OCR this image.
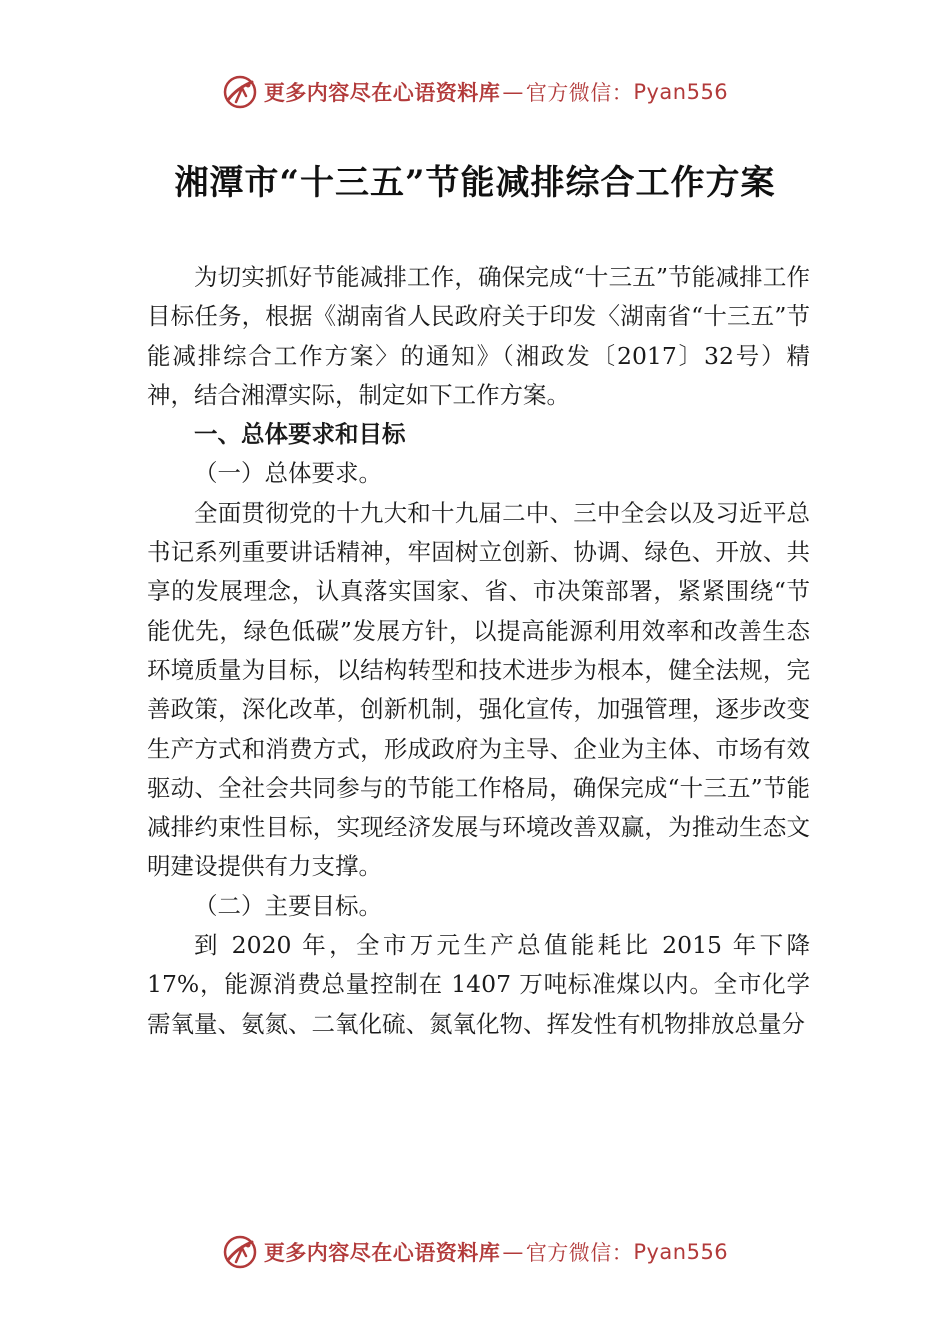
更多内容尽在心语资料库 — 官方微信： Pyan556
湘潭市“十三五”节能减排综合工作方案

为切实抓好节能减排工作，确保完成“十三五”节能减排工作目标任务，根据《湖南省人民政府关于印发〈湖南省“十三五”节能减排综合工作方案〉的通知》（湘政发〔2017〕32号）精神，结合湘潭实际，制定如下工作方案。

一、总体要求和目标

（一）总体要求。

全面贯彻党的十九大和十九届二中、三中全会以及习近平总书记系列重要讲话精神，牢固树立创新、协调、绿色、开放、共享的发展理念，认真落实国家、省、市决策部署，紧紧围绕“节能优先，绿色低碳”发展方针，以提高能源利用效率和改善生态环境质量为目标，以结构转型和技术进步为根本，健全法规，完善政策，深化改革，创新机制，强化宣传，加强管理，逐步改变生产方式和消费方式，形成政府为主导、企业为主体、市场有效驱动、全社会共同参与的节能工作格局，确保完成“十三五”节能减排约束性目标，实现经济发展与环境改善双赢，为推动生态文明建设提供有力支撑。

（二）主要目标。

到 2020 年，全市万元生产总值能耗比 2015 年下降 17%，能源消费总量控制在 1407 万吨标准煤以内。全市化学需氧量、氨氮、二氧化硫、氮氧化物、挥发性有机物排放总量分

更多内容尽在心语资料库 — 官方微信： Pyan556
